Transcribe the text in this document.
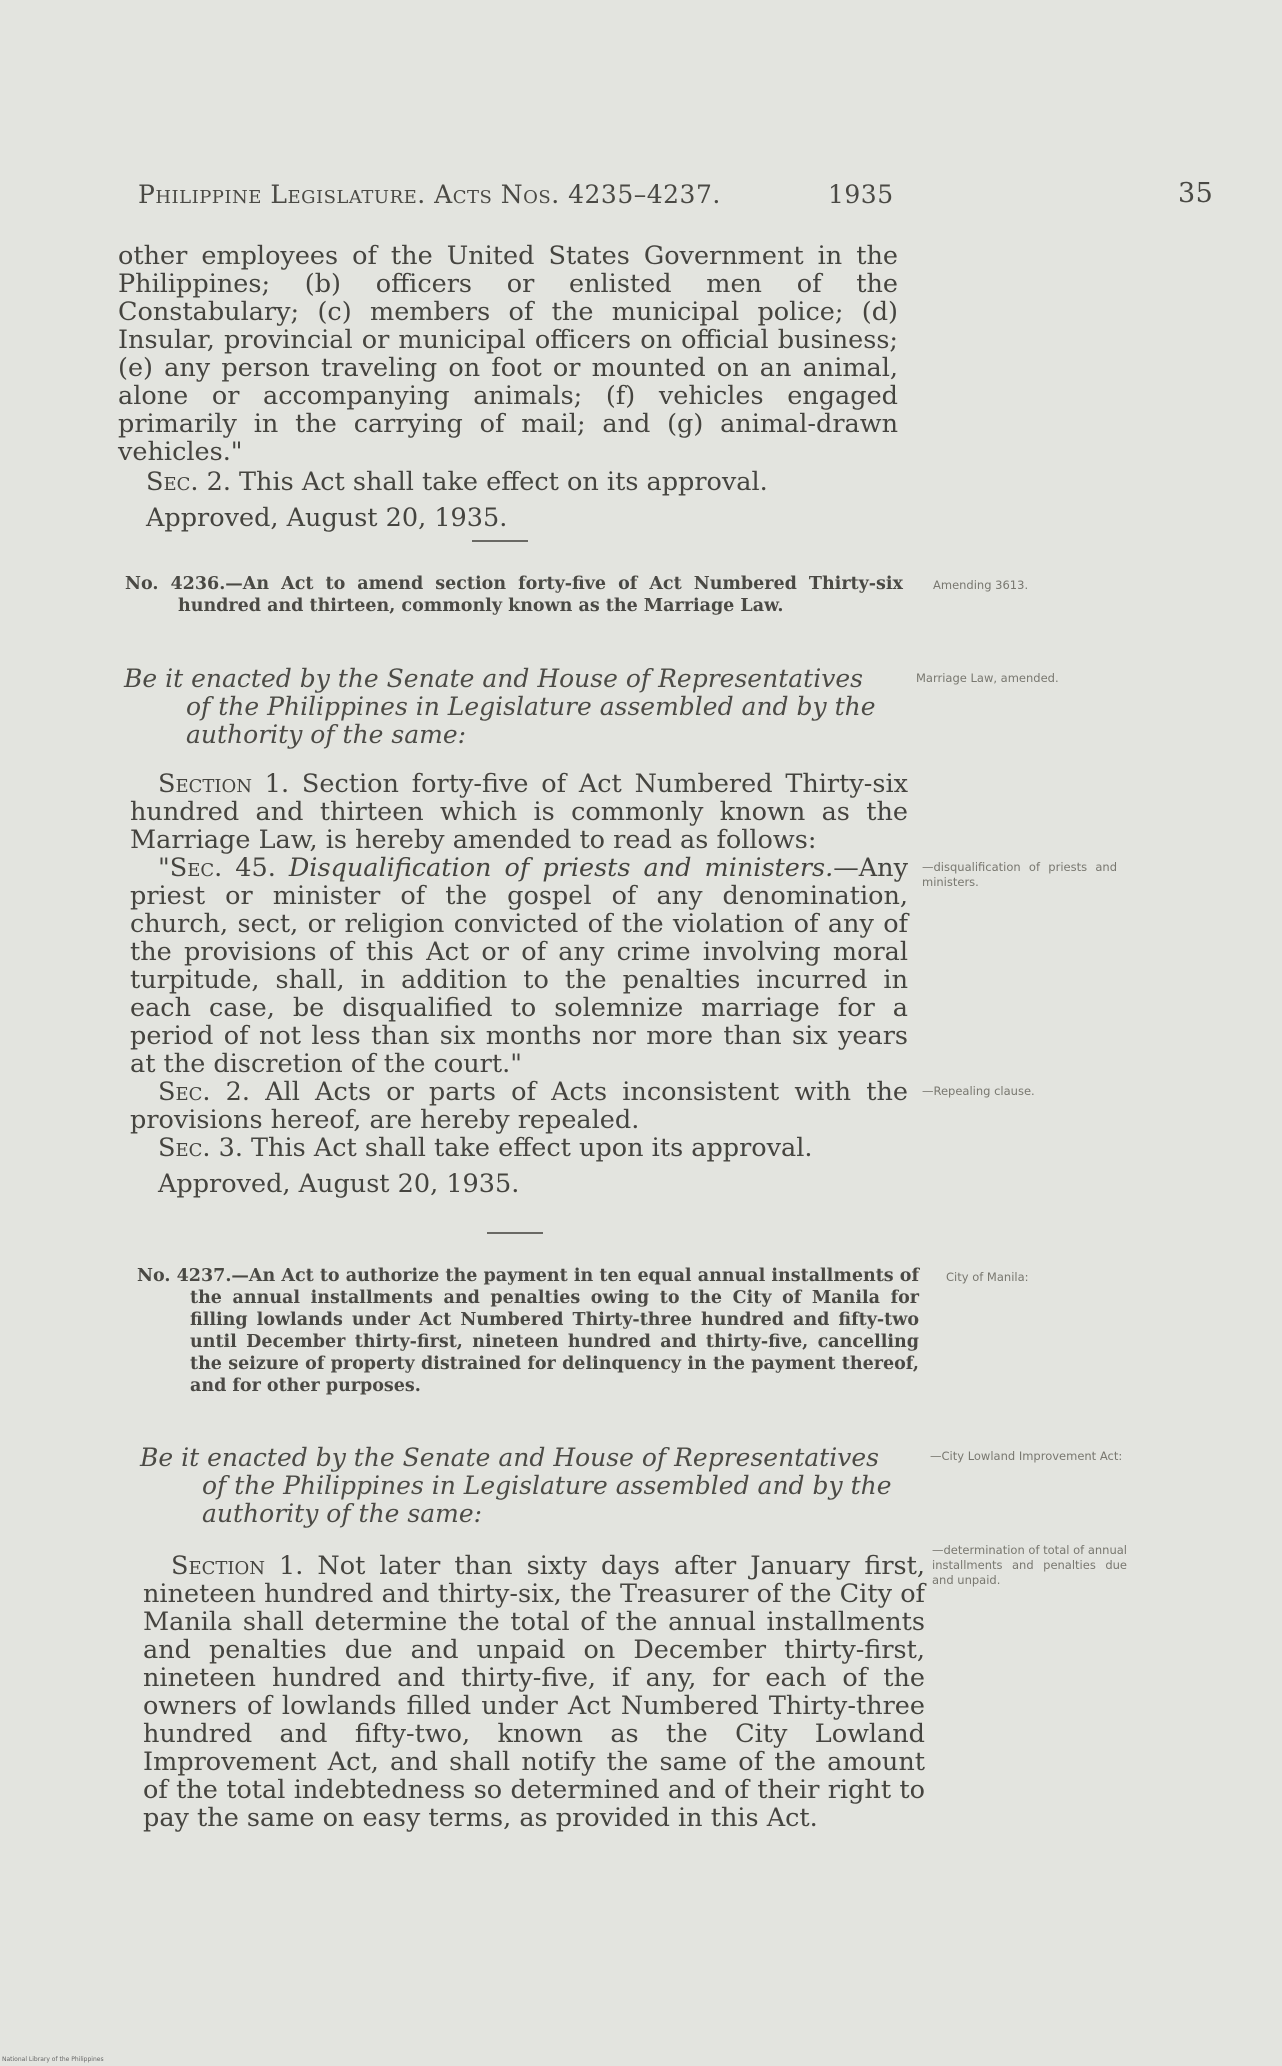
Philippine Legislature. Acts Nos. 4235–4237.	1935	35

other employees of the United States Government in the Philippines; (b) officers or enlisted men of the Constabulary; (c) members of the municipal police; (d) Insular, provincial or municipal officers on official business; (e) any person traveling on foot or mounted on an animal, alone or accompanying animals; (f) vehicles engaged primarily in the carrying of mail; and (g) animal-drawn vehicles."

Sec. 2. This Act shall take effect on its approval.

Approved, August 20, 1935.

No. 4236.—An Act to amend section forty-five of Act Numbered Thirty-six hundred and thirteen, commonly known as the Marriage Law.
Amending 3613.
Be it enacted by the Senate and House of Representatives
of the Philippines in Legislature assembled and by the
authority of the same:
Marriage Law, amended.

Section 1. Section forty-five of Act Numbered Thirty-six hundred and thirteen which is commonly known as the Marriage Law, is hereby amended to read as follows:

"Sec. 45. Disqualification of priests and ministers.—Any priest or minister of the gospel of any denomination, church, sect, or religion convicted of the violation of any of the provisions of this Act or of any crime involving moral turpitude, shall, in addition to the penalties incurred in each case, be disqualified to solemnize marriage for a period of not less than six months nor more than six years at the discretion of the court."

Sec. 2. All Acts or parts of Acts inconsistent with the provisions hereof, are hereby repealed.

Sec. 3. This Act shall take effect upon its approval.

Approved, August 20, 1935.

—disqualification of priests and ministers.
—Repealing clause.
No. 4237.—An Act to authorize the payment in ten equal annual installments of the annual installments and penalties owing to the City of Manila for filling lowlands under Act Numbered Thirty-three hundred and fifty-two until December thirty-first, nineteen hundred and thirty-five, cancelling the seizure of property distrained for delinquency in the payment thereof, and for other purposes.
City of Manila:
Be it enacted by the Senate and House of Representatives
of the Philippines in Legislature assembled and by the
authority of the same:
—City Lowland Improvement Act:

Section 1. Not later than sixty days after January first, nineteen hundred and thirty-six, the Treasurer of the City of Manila shall determine the total of the annual installments and penalties due and unpaid on December thirty-first, nineteen hundred and thirty-five, if any, for each of the owners of lowlands filled under Act Numbered Thirty-three hundred and fifty-two, known as the City Lowland Improvement Act, and shall notify the same of the amount of the total indebtedness so determined and of their right to pay the same on easy terms, as provided in this Act.

—determination of total of annual installments and penalties due and unpaid.
National Library of the Philippines
